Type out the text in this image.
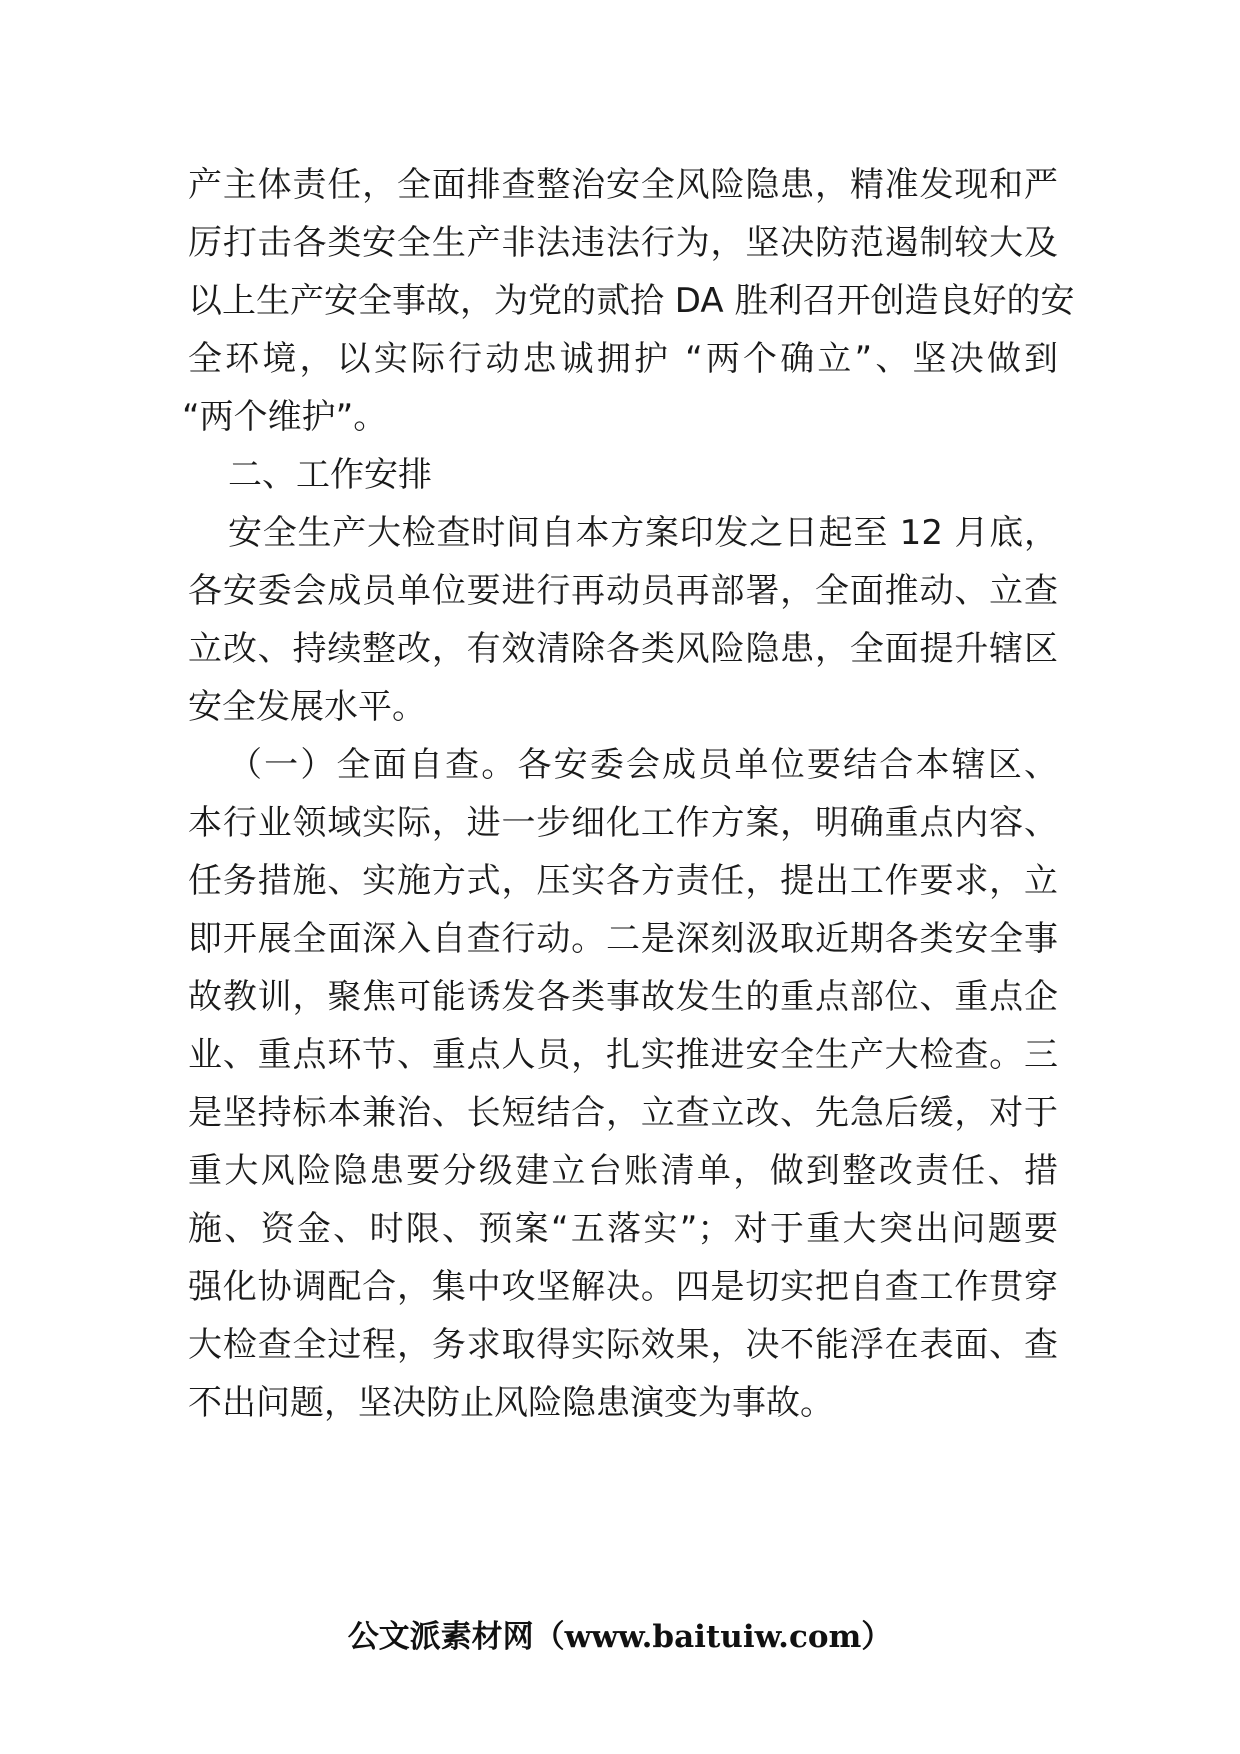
产主体责任，全面排查整治安全风险隐患，精准发现和严
厉打击各类安全生产非法违法行为，坚决防范遏制较大及
以上生产安全事故，为党的贰拾 DA 胜利召开创造良好的安
全环境，以实际行动忠诚拥护 “两个确立”、坚决做到
“两个维护”。
二、工作安排
安全生产大检查时间自本方案印发之日起至 12 月底，
各安委会成员单位要进行再动员再部署，全面推动、立查
立改、持续整改，有效清除各类风险隐患，全面提升辖区
安全发展水平。
（一）全面自查。各安委会成员单位要结合本辖区、
本行业领域实际，进一步细化工作方案，明确重点内容、
任务措施、实施方式，压实各方责任，提出工作要求，立
即开展全面深入自查行动。二是深刻汲取近期各类安全事
故教训，聚焦可能诱发各类事故发生的重点部位、重点企
业、重点环节、重点人员，扎实推进安全生产大检查。三
是坚持标本兼治、长短结合，立查立改、先急后缓，对于
重大风险隐患要分级建立台账清单，做到整改责任、措
施、资金、时限、预案“五落实”；对于重大突出问题要
强化协调配合，集中攻坚解决。四是切实把自查工作贯穿
大检查全过程，务求取得实际效果，决不能浮在表面、查
不出问题，坚决防止风险隐患演变为事故。
公文派素材网（www.baituiw.com）
